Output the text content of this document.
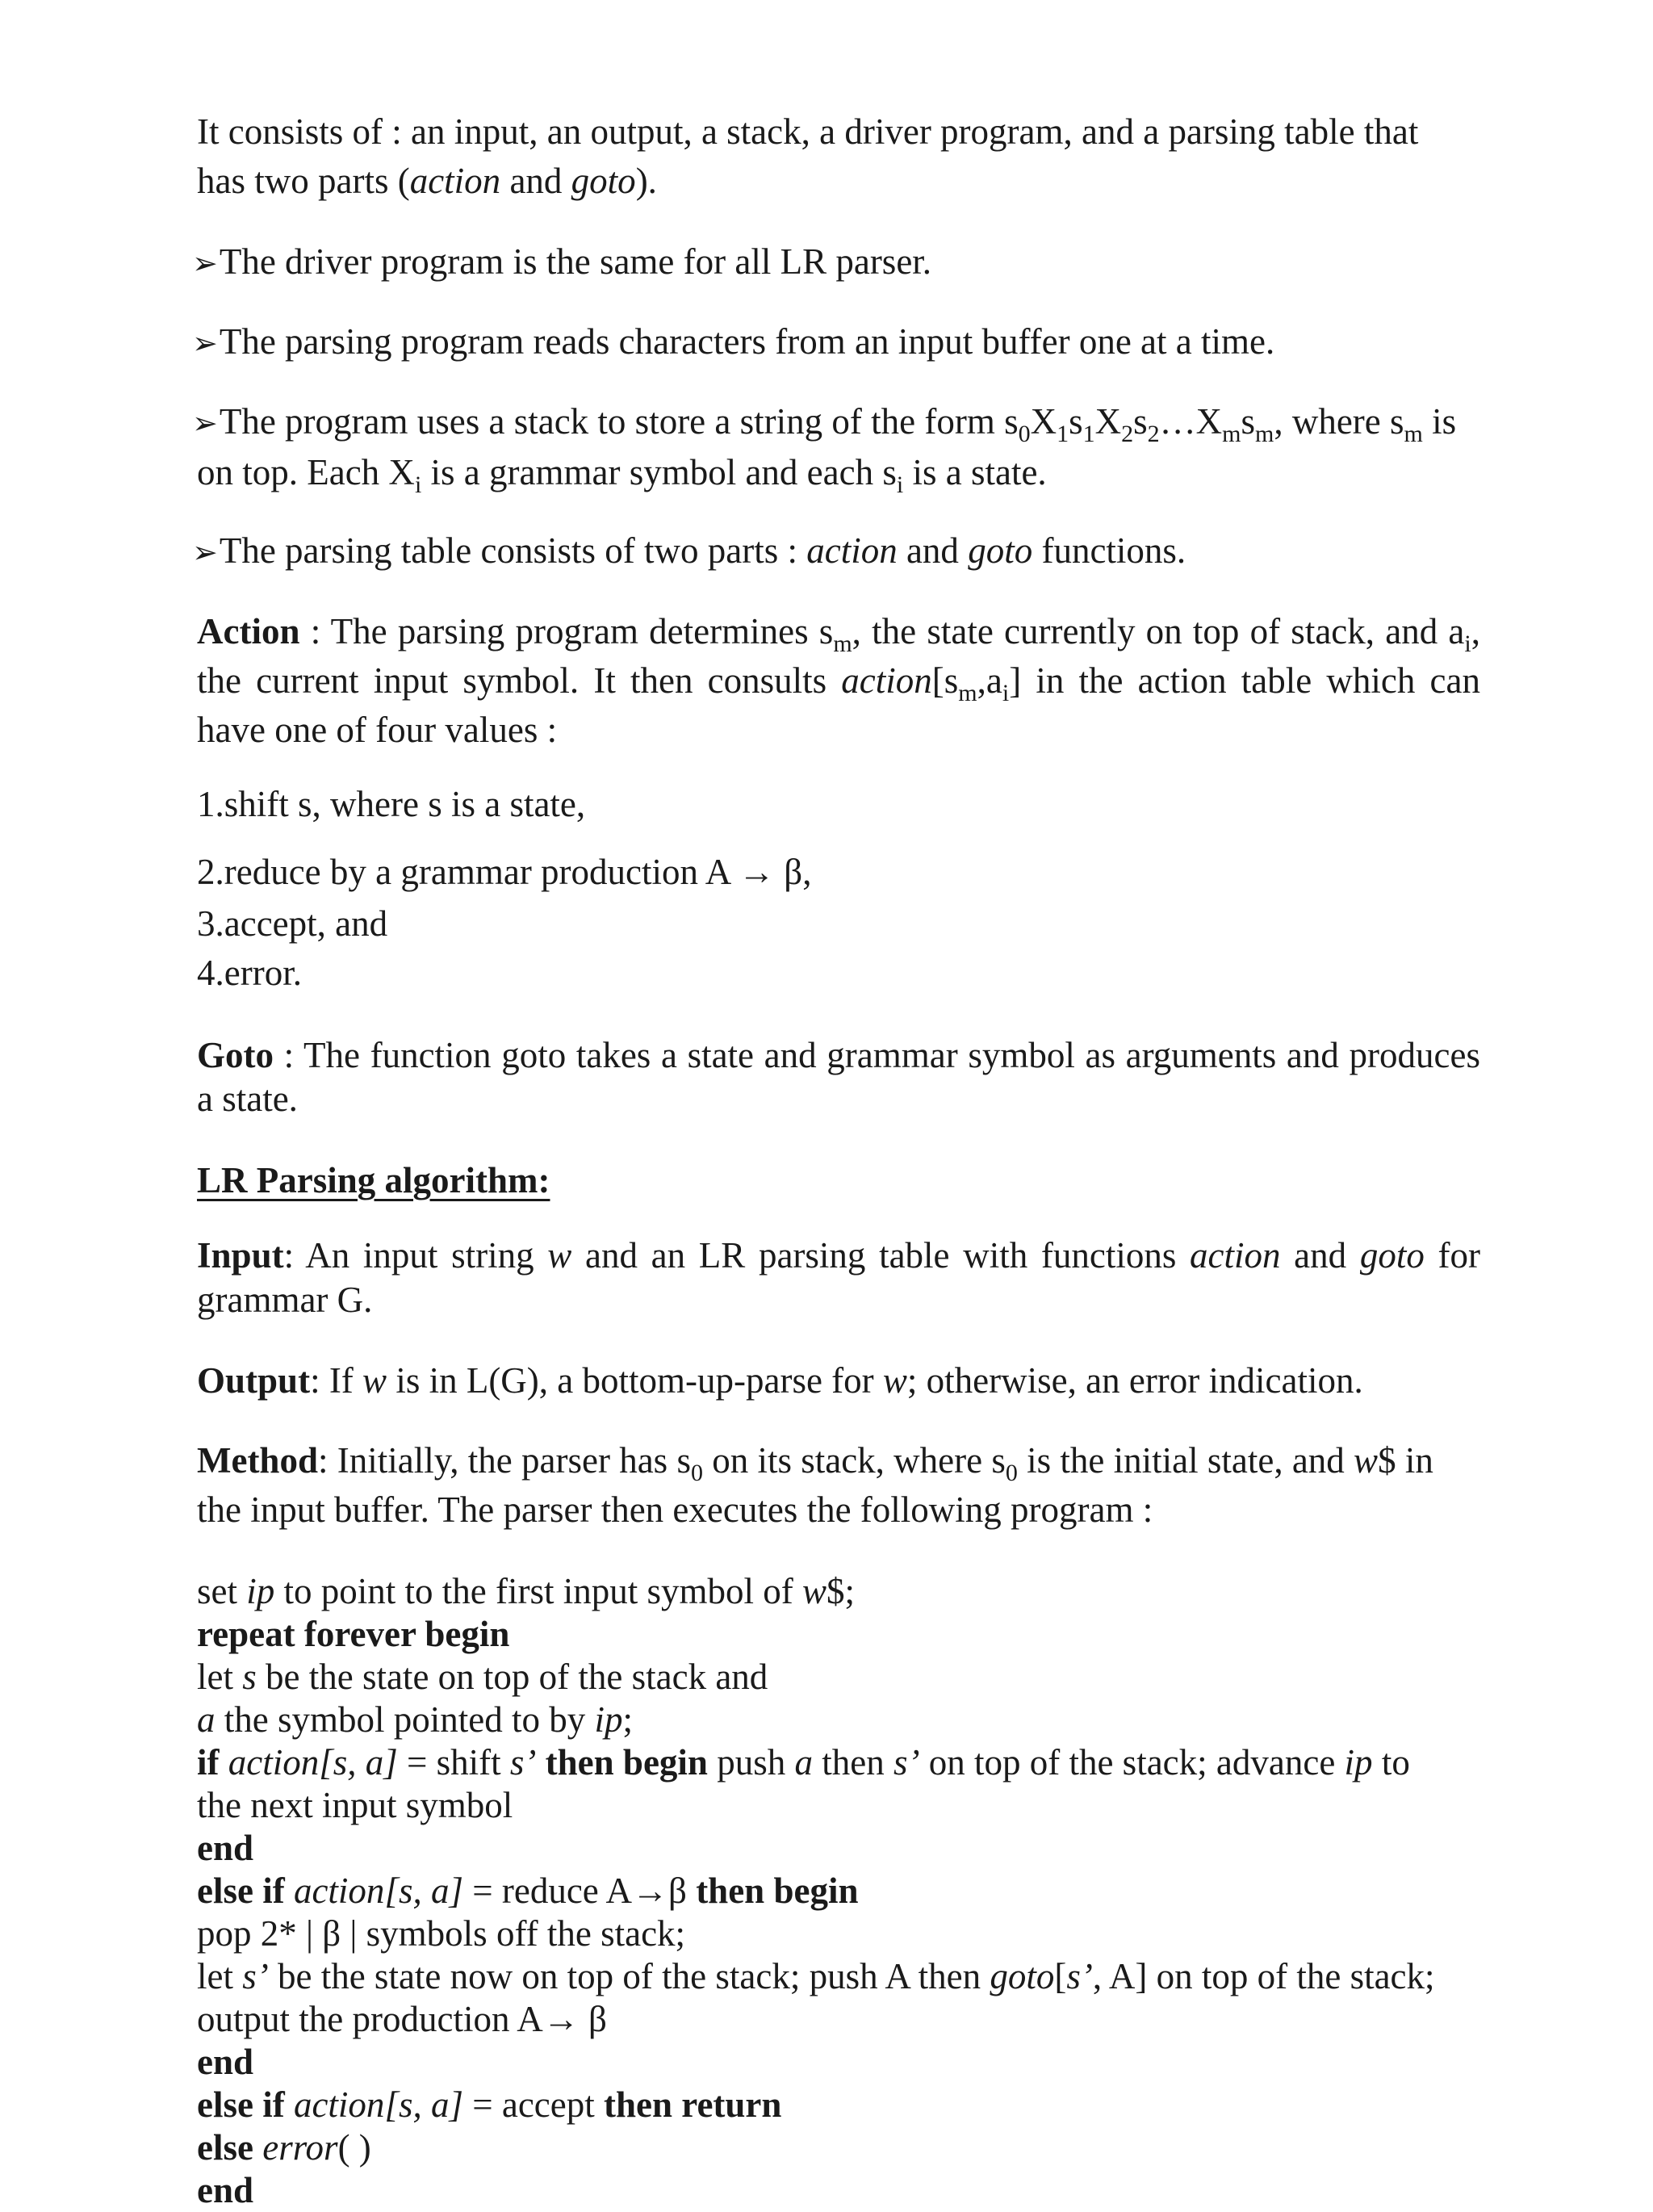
It consists of : an input, an output, a stack, a driver program, and a parsing table that
has two parts (action and goto).
➢The driver program is the same for all LR parser.
➢The parsing program reads characters from an input buffer one at a time.
➢The program uses a stack to store a string of the form $s_0X_1s_1X_2s_2\dots X_ms_m$, where $s_m$ is
on top. Each $X_i$ is a grammar symbol and each $s_i$ is a state.
➢The parsing table consists of two parts : action and goto functions.
Action : The parsing program determines $s_m$, the state currently on top of stack, and $a_i$, the current input symbol. It then consults $action[s_m,a_i]$ in the action table which can have one of four values :
1.shift s, where s is a state,
2.reduce by a grammar production A → β,
3.accept, and
4.error.
Goto : The function goto takes a state and grammar symbol as arguments and produces a state.
LR Parsing algorithm:
Input: An input string w and an LR parsing table with functions action and goto for grammar G.
Output: If w is in L(G), a bottom-up-parse for w; otherwise, an error indication.
Method: Initially, the parser has $s_0$ on its stack, where $s_0$ is the initial state, and w$ in the input buffer. The parser then executes the following program :
set ip to point to the first input symbol of w$;
repeat forever begin
let s be the state on top of the stack and
a the symbol pointed to by ip;
if action[s, a] = shift s’ then begin push a then s’ on top of the stack; advance ip to
the next input symbol
end
else if action[s, a] = reduce A→β then begin
pop 2* | β | symbols off the stack;
let s’ be the state now on top of the stack; push A then goto[s’, A] on top of the stack;
output the production A→ β
end
else if action[s, a] = accept then return
else error( )
end
